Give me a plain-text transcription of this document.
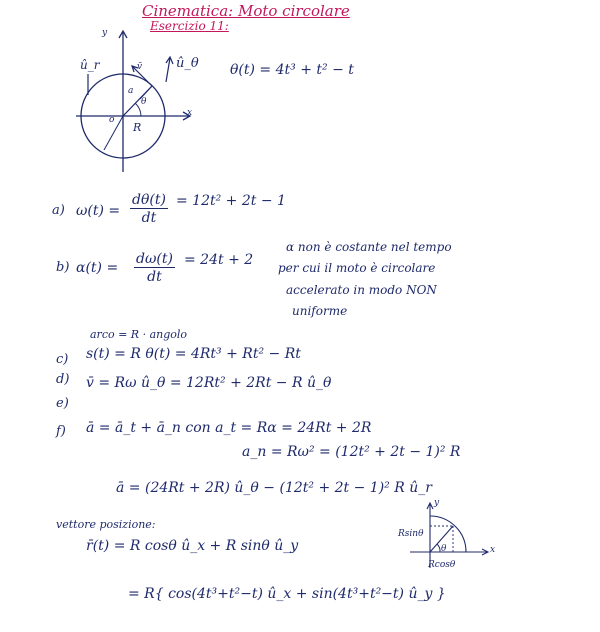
Cinematica: Moto circolare
Esercizio 11:
y
x
û_r	û_θ
v̄
a
o
R
θ
θ(t) = 4t³ + t² − t
a) $\omega(t) = \frac{d\theta(t)}{dt} = 12t^2 + 2t - 1$
b) $\alpha(t) = \frac{d\omega(t)}{dt} = 24t + 2$
α non è costante nel tempo
per cui il moto è circolare
accelerato in modo NON
uniforme
arco = R · angolo
c) s(t) = R θ(t) = 4Rt³ + Rt² − Rt
d) v̄ = Rω û_θ = 12Rt² + 2Rt − R û_θ
e)
f) ā = ā_t + ā_n con a_t = Rα = 24Rt + 2R
a_n = Rω² = (12t² + 2t − 1)² R
ā = (24Rt + 2R) û_θ − (12t² + 2t − 1)² R û_r
vettore posizione:
r̄(t) = R cosθ û_x + R sinθ û_y
= R{ cos(4t³+t²−t) û_x + sin(4t³+t²−t) û_y }
y
x
Rsinθ
Rcosθ
θ
